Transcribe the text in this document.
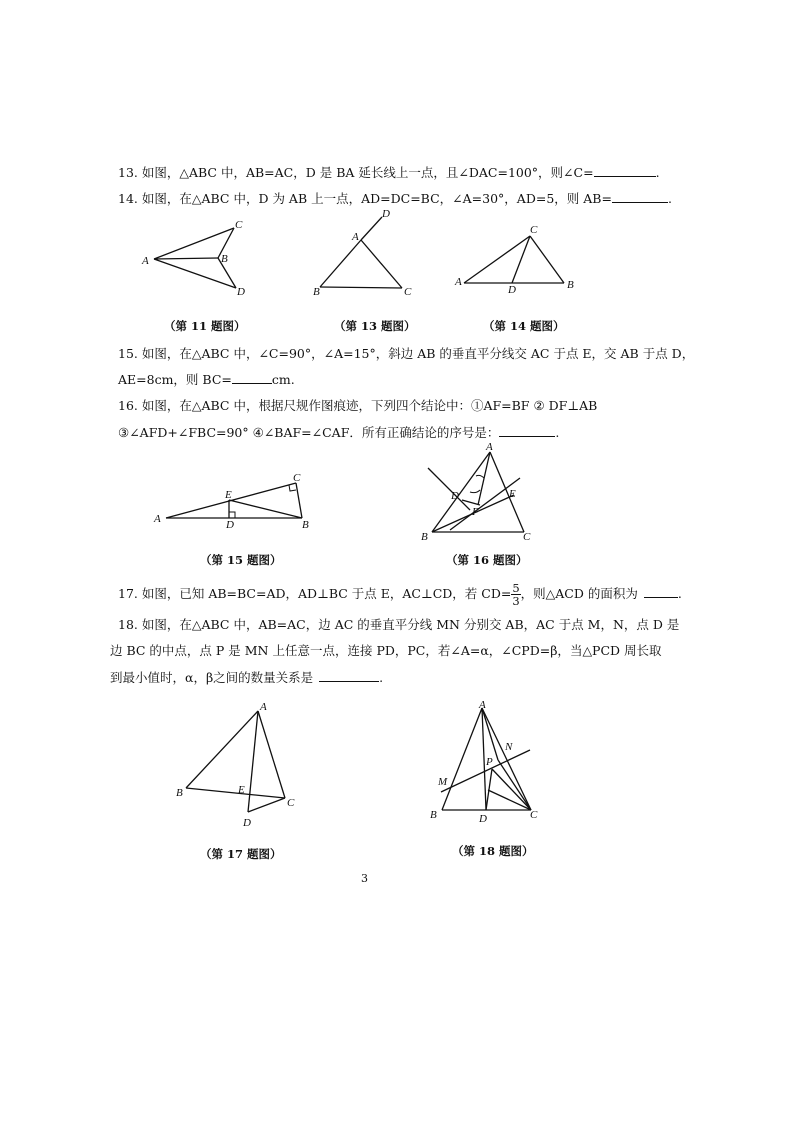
13. 如图，△ABC 中，AB=AC，D 是 BA 延长线上一点，且∠DAC=100°，则∠C=	.
14. 如图，在△ABC 中，D 为 AB 上一点，AD=DC=BC，∠A=30°，AD=5，则 AB=	.
15. 如图，在△ABC 中，∠C=90°，∠A=15°，斜边 AB 的垂直平分线交 AC 于点 E，交 AB 于点 D，
AE=8cm，则 BC=	cm.
16. 如图，在△ABC 中，根据尺规作图痕迹，下列四个结论中：①AF=BF ② DF⊥AB
③∠AFD+∠FBC=90° ④∠BAF=∠CAF．所有正确结论的序号是：	.
17. 如图，已知 AB=BC=AD，AD⊥BC 于点 E，AC⊥CD，若 $CD= \frac{5}{3}$ ，则△ACD 的面积为	.
18. 如图，在△ABC 中，AB=AC，边 AC 的垂直平分线 MN 分别交 AB，AC 于点 M，N，点 D 是
边 BC 的中点，点 P 是 MN 上任意一点，连接 PD，PC，若∠A=α，∠CPD=β，当△PCD 周长取
到最小值时，α，β之间的数量关系是	.
A	B
C
D
A
B	C
D
A	B
C
D
A	B
C
D
E
A
B	C
D	E
F
A
B
C
D
E
A
B	C
D
M
N
P
（第 11 题图）	（第 13 题图）	（第 14 题图）
（第 15 题图）	（第 16 题图）
（第 17 题图）	（第 18 题图）
3
